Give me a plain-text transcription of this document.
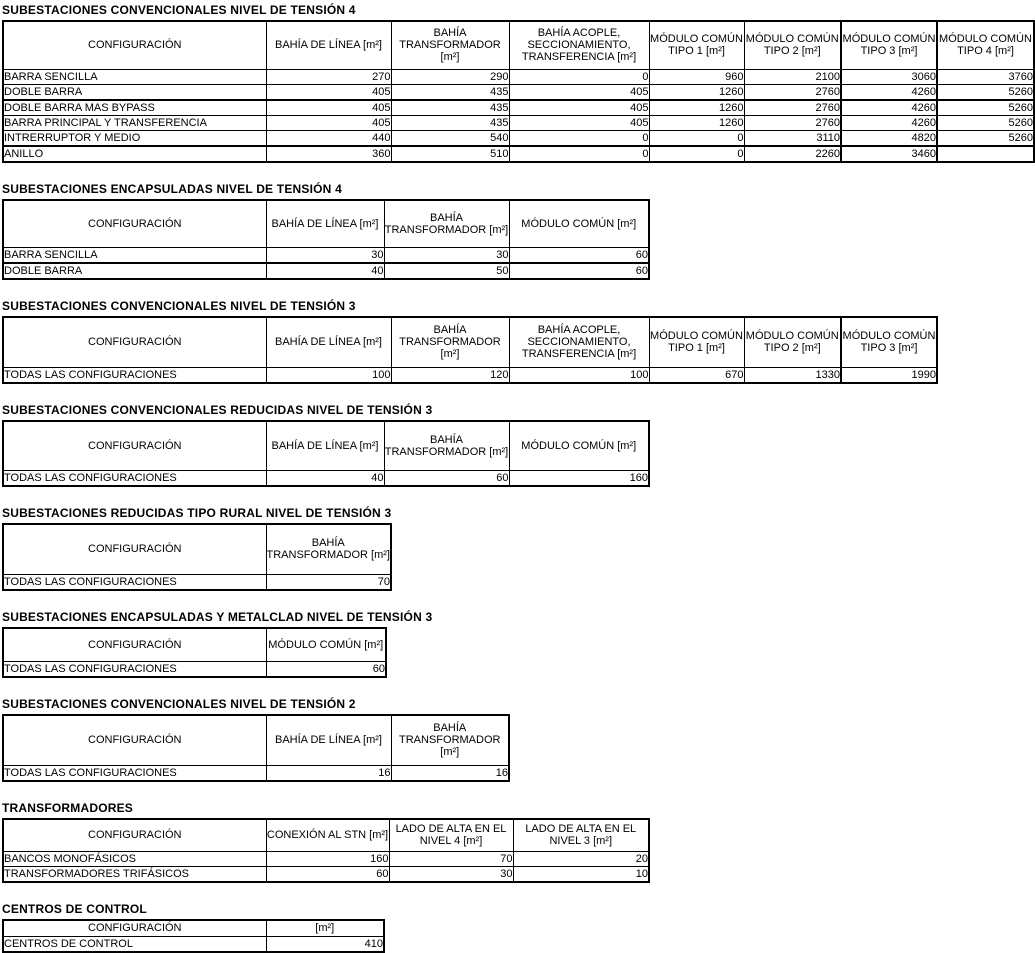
SUBESTACIONES CONVENCIONALES NIVEL DE TENSIÓN 4
CONFIGURACIÓN	BAHÍA DE LÍNEA [m²]	BAHÍA TRANSFORMADOR [m²]	BAHÍA ACOPLE, SECCIONAMIENTO, TRANSFERENCIA [m²]	MÓDULO COMÚN TIPO 1 [m²]	MÓDULO COMÚN TIPO 2 [m²]	MÓDULO COMÚN TIPO 3 [m²]	MÓDULO COMÚN TIPO 4 [m²]
BARRA SENCILLA	270	290	0	960	2100	3060	3760
DOBLE BARRA	405	435	405	1260	2760	4260	5260
DOBLE BARRA MAS BYPASS	405	435	405	1260	2760	4260	5260
BARRA PRINCIPAL Y TRANSFERENCIA	405	435	405	1260	2760	4260	5260
INTRERRUPTOR Y MEDIO	440	540	0	0	3110	4820	5260
ANILLO	360	510	0	0	2260	3460	
SUBESTACIONES ENCAPSULADAS NIVEL DE TENSIÓN 4
CONFIGURACIÓN	BAHÍA DE LÍNEA [m²]	BAHÍA TRANSFORMADOR [m²]	MÓDULO COMÚN [m²]
BARRA SENCILLA	30	30	60
DOBLE BARRA	40	50	60
SUBESTACIONES CONVENCIONALES NIVEL DE TENSIÓN 3
CONFIGURACIÓN	BAHÍA DE LÍNEA [m²]	BAHÍA TRANSFORMADOR [m²]	BAHÍA ACOPLE, SECCIONAMIENTO, TRANSFERENCIA [m²]	MÓDULO COMÚN TIPO 1 [m²]	MÓDULO COMÚN TIPO 2 [m²]	MÓDULO COMÚN TIPO 3 [m²]
TODAS LAS CONFIGURACIONES	100	120	100	670	1330	1990
SUBESTACIONES CONVENCIONALES REDUCIDAS NIVEL DE TENSIÓN 3
CONFIGURACIÓN	BAHÍA DE LÍNEA [m²]	BAHÍA TRANSFORMADOR [m²]	MÓDULO COMÚN [m²]
TODAS LAS CONFIGURACIONES	40	60	160
SUBESTACIONES REDUCIDAS TIPO RURAL NIVEL DE TENSIÓN 3
CONFIGURACIÓN	BAHÍA TRANSFORMADOR [m²]
TODAS LAS CONFIGURACIONES	70
SUBESTACIONES ENCAPSULADAS Y METALCLAD NIVEL DE TENSIÓN 3
CONFIGURACIÓN	MÓDULO COMÚN [m²]
TODAS LAS CONFIGURACIONES	60
SUBESTACIONES CONVENCIONALES NIVEL DE TENSIÓN 2
CONFIGURACIÓN	BAHÍA DE LÍNEA [m²]	BAHÍA TRANSFORMADOR [m²]
TODAS LAS CONFIGURACIONES	16	16
TRANSFORMADORES
CONFIGURACIÓN	CONEXIÓN AL STN [m²]	LADO DE ALTA EN EL NIVEL 4 [m²]	LADO DE ALTA EN EL NIVEL 3 [m²]
BANCOS MONOFÁSICOS	160	70	20
TRANSFORMADORES TRIFÁSICOS	60	30	10
CENTROS DE CONTROL
CONFIGURACIÓN	[m²]
CENTROS DE CONTROL	410
